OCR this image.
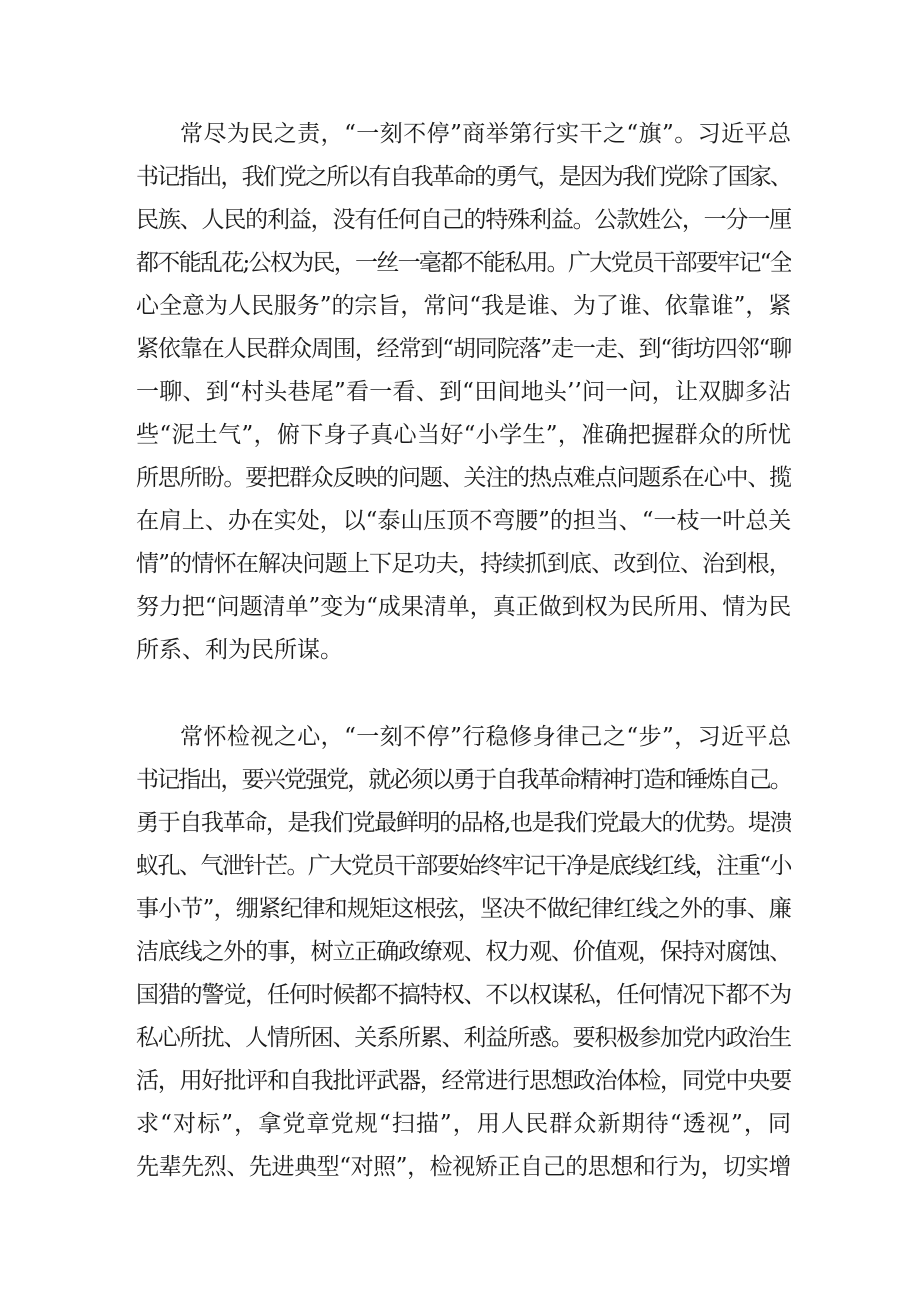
常尽为民之责，“一刻不停”商举第行实干之“旗”。习近平总
书记指出，我们党之所以有自我革命的勇气，是因为我们党除了国家、
民族、人民的利益，没有任何自己的特殊利益。公款姓公，一分一厘
都不能乱花;公权为民，一丝一毫都不能私用。广大党员干部要牢记“全
心全意为人民服务”的宗旨，常问“我是谁、为了谁、依靠谁”，紧
紧依靠在人民群众周围，经常到“胡同院落”走一走、到“街坊四邻“聊
一聊、到“村头巷尾”看一看、到“田间地头’’问一问，让双脚多沾
些“泥土气”，俯下身子真心当好“小学生”，准确把握群众的所忧
所思所盼。要把群众反映的问题、关注的热点难点问题系在心中、揽
在肩上、办在实处，以“泰山压顶不弯腰”的担当、“一枝一叶总关
情”的情怀在解决问题上下足功夫，持续抓到底、改到位、治到根，
努力把“问题清单”变为“成果清单，真正做到权为民所用、情为民
所系、利为民所谋。
常怀检视之心，“一刻不停”行稳修身律己之“步”，习近平总
书记指出，要兴党强党，就必须以勇于自我革命精神打造和锤炼自己。
勇于自我革命，是我们党最鲜明的品格,也是我们党最大的优势。堤溃
蚁孔、气泄针芒。广大党员干部要始终牢记干净是底线红线，注重“小
事小节”，绷紧纪律和规矩这根弦，坚决不做纪律红线之外的事、廉
洁底线之外的事，树立正确政缭观、权力观、价值观，保持对腐蚀、
国猎的警觉，任何时候都不搞特权、不以权谋私，任何情况下都不为
私心所扰、人情所困、关系所累、利益所惑。要积极参加党内政治生
活，用好批评和自我批评武器，经常进行思想政治体检，同党中央要
求“对标”，拿党章党规“扫描”，用人民群众新期待“透视”，同
先辈先烈、先进典型“对照”，检视矫正自己的思想和行为，切实增
